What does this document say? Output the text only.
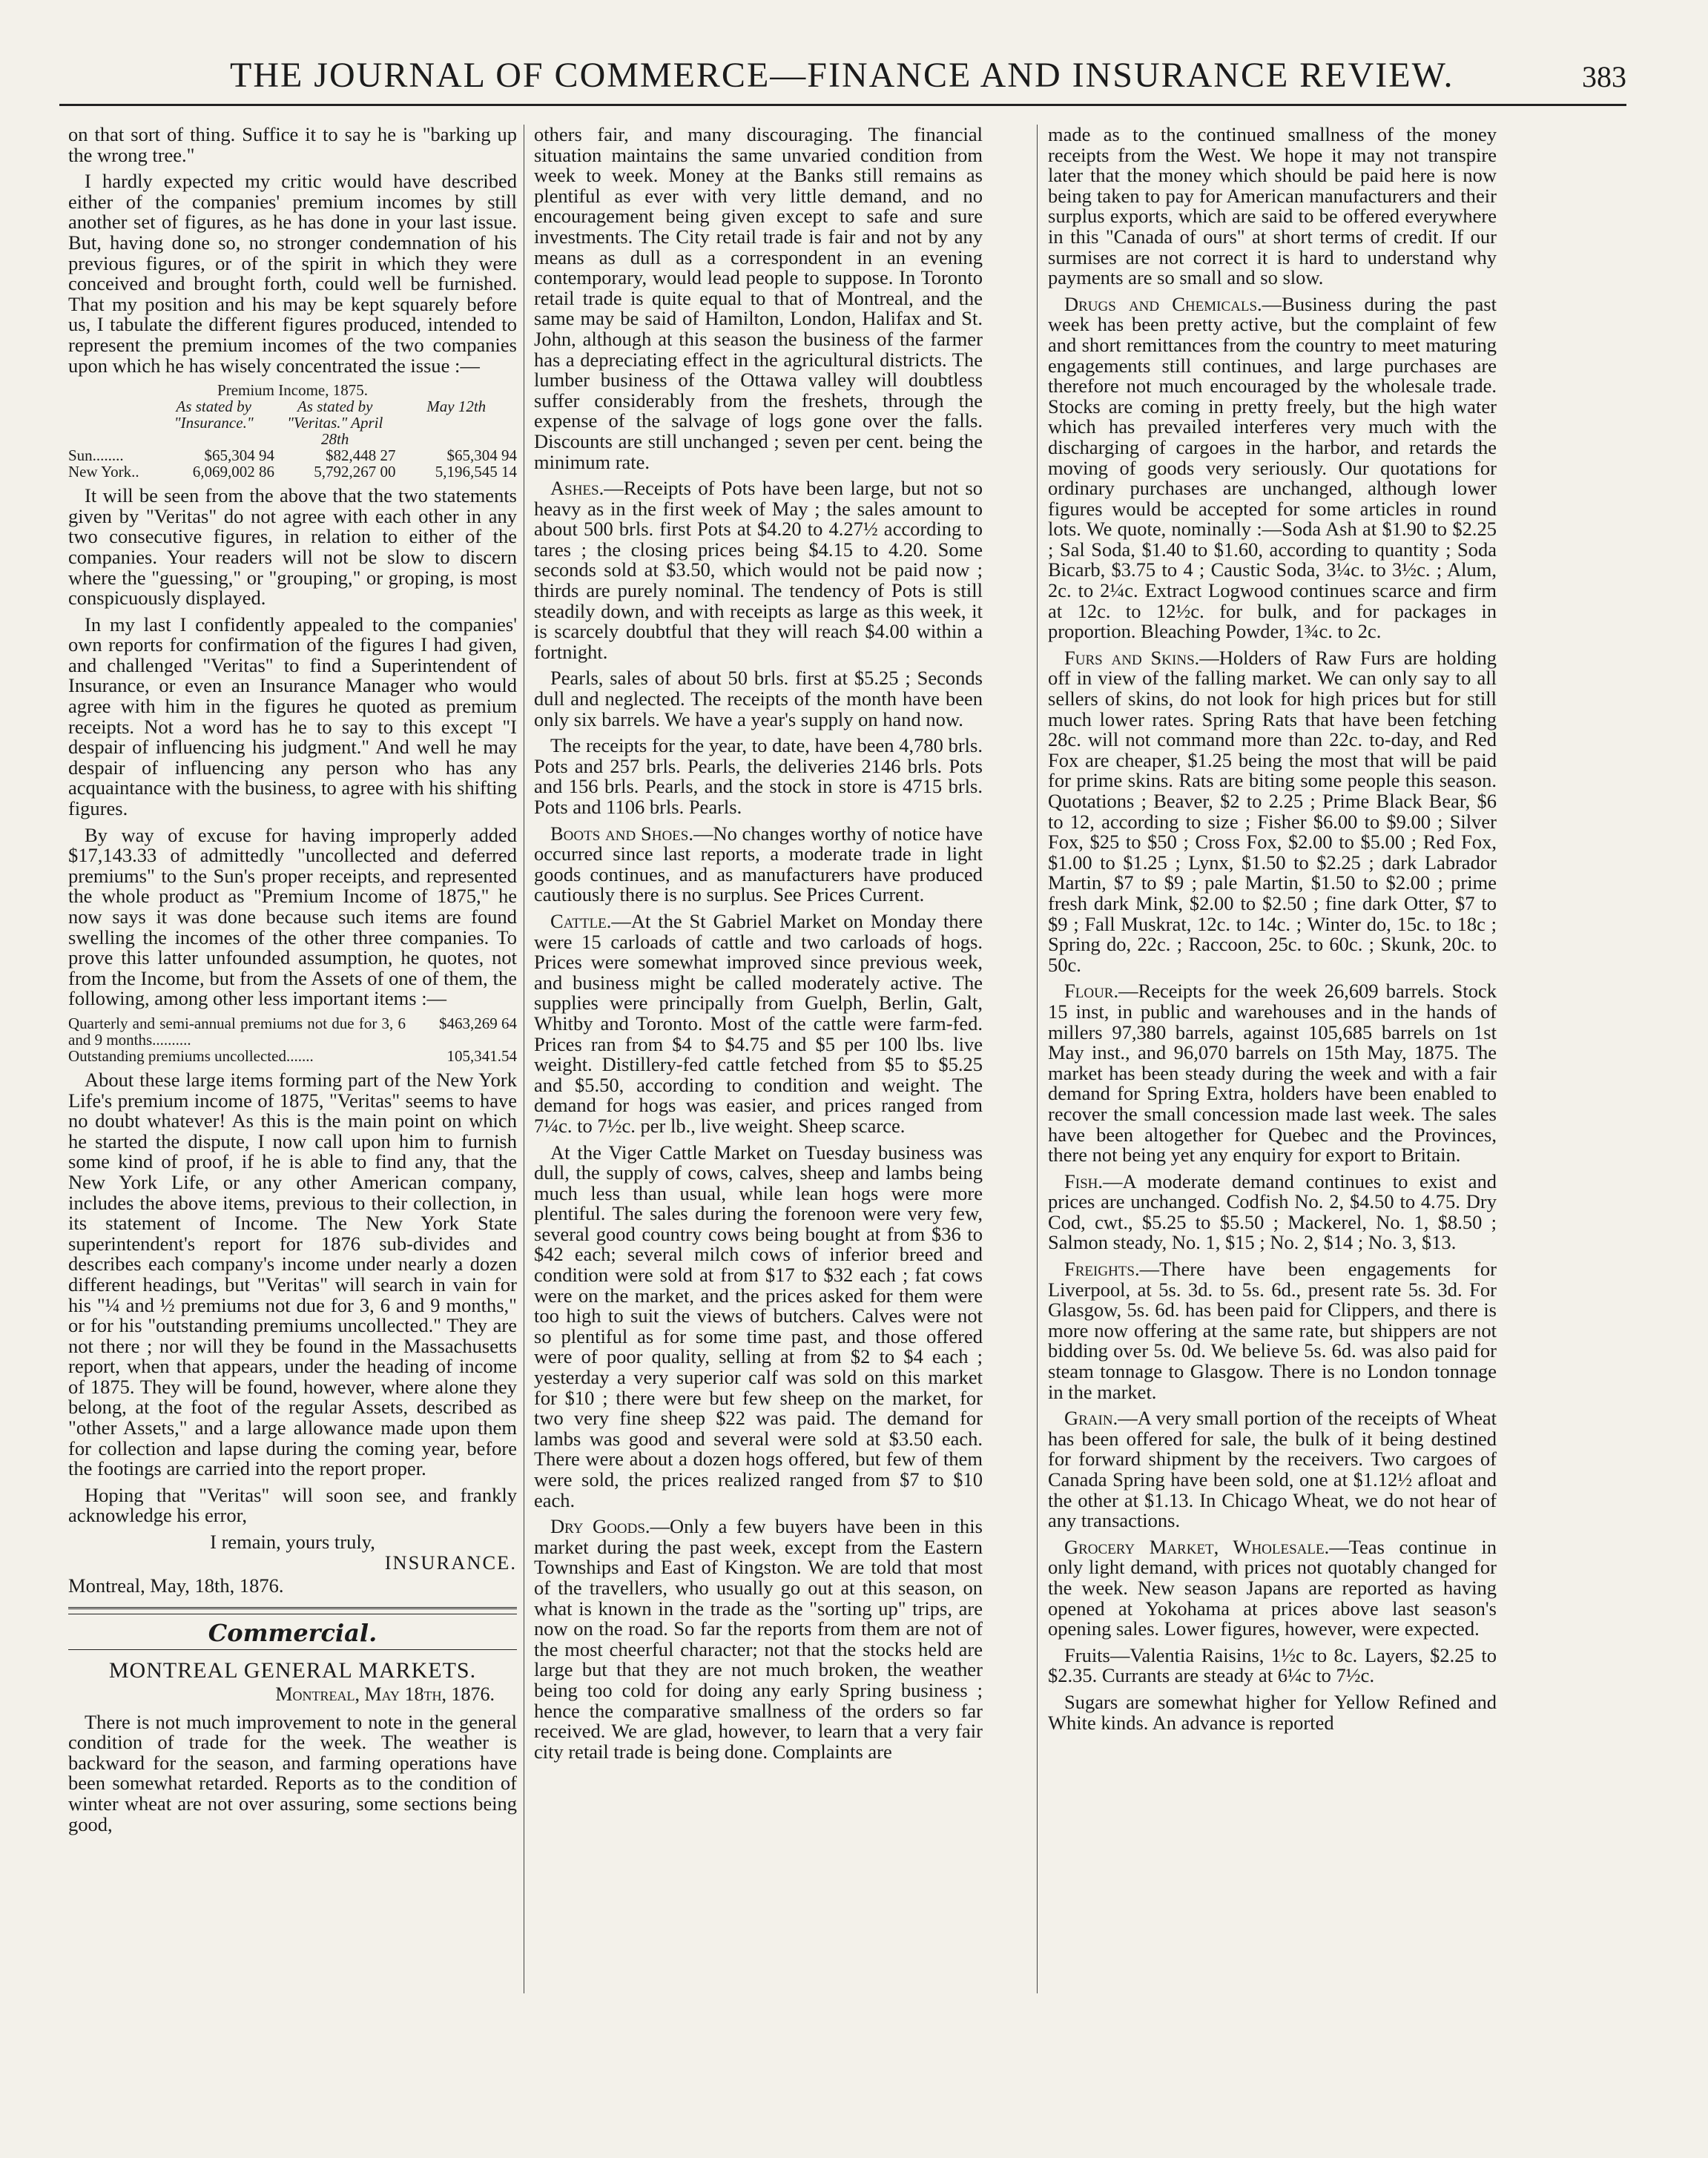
THE JOURNAL OF COMMERCE—FINANCE AND INSURANCE REVIEW.	383

on that sort of thing. Suffice it to say he is "barking up the wrong tree."

I hardly expected my critic would have described either of the companies' premium incomes by still another set of figures, as he has done in your last issue. But, having done so, no stronger condemnation of his previous figures, or of the spirit in which they were conceived and brought forth, could well be furnished. That my position and his may be kept squarely before us, I tabulate the different figures produced, intended to represent the premium incomes of the two companies upon which he has wisely concentrated the issue :—

Premium Income, 1875.
As stated by "Insurance."
As stated by "Veritas." April 28th
May 12th
Sun........	$65,304 94	$82,448 27	$65,304 94
New York..	6,069,002 86	5,792,267 00	5,196,545 14

It will be seen from the above that the two statements given by "Veritas" do not agree with each other in any two consecutive figures, in relation to either of the companies. Your readers will not be slow to discern where the "guessing," or "grouping," or groping, is most conspicuously displayed.

In my last I confidently appealed to the companies' own reports for confirmation of the figures I had given, and challenged "Veritas" to find a Superintendent of Insurance, or even an Insurance Manager who would agree with him in the figures he quoted as premium receipts. Not a word has he to say to this except "I despair of influencing his judgment." And well he may despair of influencing any person who has any acquaintance with the business, to agree with his shifting figures.

By way of excuse for having improperly added $17,143.33 of admittedly "uncollected and deferred premiums" to the Sun's proper receipts, and represented the whole product as "Premium Income of 1875," he now says it was done because such items are found swelling the incomes of the other three companies. To prove this latter unfounded assumption, he quotes, not from the Income, but from the Assets of one of them, the following, among other less important items :—

Quarterly and semi-annual premiums not due for 3, 6 and 9 months..........
$463,269 64
Outstanding premiums uncollected.......	105,341.54

About these large items forming part of the New York Life's premium income of 1875, "Veritas" seems to have no doubt whatever! As this is the main point on which he started the dispute, I now call upon him to furnish some kind of proof, if he is able to find any, that the New York Life, or any other American company, includes the above items, previous to their collection, in its statement of Income. The New York State superintendent's report for 1876 sub-divides and describes each company's income under nearly a dozen different headings, but "Veritas" will search in vain for his "¼ and ½ premiums not due for 3, 6 and 9 months," or for his "outstanding premiums uncollected." They are not there ; nor will they be found in the Massachusetts report, when that appears, under the heading of income of 1875. They will be found, however, where alone they belong, at the foot of the regular Assets, described as "other Assets," and a large allowance made upon them for collection and lapse during the coming year, before the footings are carried into the report proper.

Hoping that "Veritas" will soon see, and frankly acknowledge his error,

I remain, yours truly,
INSURANCE.
Montreal, May, 18th, 1876.
Commercial.
MONTREAL GENERAL MARKETS.
Montreal, May 18th, 1876.

There is not much improvement to note in the general condition of trade for the week. The weather is backward for the season, and farming operations have been somewhat retarded. Reports as to the condition of winter wheat are not over assuring, some sections being good,

others fair, and many discouraging. The financial situation maintains the same unvaried condition from week to week. Money at the Banks still remains as plentiful as ever with very little demand, and no encouragement being given except to safe and sure investments. The City retail trade is fair and not by any means as dull as a correspondent in an evening contemporary, would lead people to suppose. In Toronto retail trade is quite equal to that of Montreal, and the same may be said of Hamilton, London, Halifax and St. John, although at this season the business of the farmer has a depreciating effect in the agricultural districts. The lumber business of the Ottawa valley will doubtless suffer considerably from the freshets, through the expense of the salvage of logs gone over the falls. Discounts are still unchanged ; seven per cent. being the minimum rate.

Ashes.—Receipts of Pots have been large, but not so heavy as in the first week of May ; the sales amount to about 500 brls. first Pots at $4.20 to 4.27½ according to tares ; the closing prices being $4.15 to 4.20. Some seconds sold at $3.50, which would not be paid now ; thirds are purely nominal. The tendency of Pots is still steadily down, and with receipts as large as this week, it is scarcely doubtful that they will reach $4.00 within a fortnight.

Pearls, sales of about 50 brls. first at $5.25 ; Seconds dull and neglected. The receipts of the month have been only six barrels. We have a year's supply on hand now.

The receipts for the year, to date, have been 4,780 brls. Pots and 257 brls. Pearls, the deliveries 2146 brls. Pots and 156 brls. Pearls, and the stock in store is 4715 brls. Pots and 1106 brls. Pearls.

Boots and Shoes.—No changes worthy of notice have occurred since last reports, a moderate trade in light goods continues, and as manufacturers have produced cautiously there is no surplus. See Prices Current.

Cattle.—At the St Gabriel Market on Monday there were 15 carloads of cattle and two carloads of hogs. Prices were somewhat improved since previous week, and business might be called moderately active. The supplies were principally from Guelph, Berlin, Galt, Whitby and Toronto. Most of the cattle were farm-fed. Prices ran from $4 to $4.75 and $5 per 100 lbs. live weight. Distillery-fed cattle fetched from $5 to $5.25 and $5.50, according to condition and weight. The demand for hogs was easier, and prices ranged from 7¼c. to 7½c. per lb., live weight. Sheep scarce.

At the Viger Cattle Market on Tuesday business was dull, the supply of cows, calves, sheep and lambs being much less than usual, while lean hogs were more plentiful. The sales during the forenoon were very few, several good country cows being bought at from $36 to $42 each; several milch cows of inferior breed and condition were sold at from $17 to $32 each ; fat cows were on the market, and the prices asked for them were too high to suit the views of butchers. Calves were not so plentiful as for some time past, and those offered were of poor quality, selling at from $2 to $4 each ; yesterday a very superior calf was sold on this market for $10 ; there were but few sheep on the market, for two very fine sheep $22 was paid. The demand for lambs was good and several were sold at $3.50 each. There were about a dozen hogs offered, but few of them were sold, the prices realized ranged from $7 to $10 each.

Dry Goods.—Only a few buyers have been in this market during the past week, except from the Eastern Townships and East of Kingston. We are told that most of the travellers, who usually go out at this season, on what is known in the trade as the "sorting up" trips, are now on the road. So far the reports from them are not of the most cheerful character; not that the stocks held are large but that they are not much broken, the weather being too cold for doing any early Spring business ; hence the comparative smallness of the orders so far received. We are glad, however, to learn that a very fair city retail trade is being done. Complaints are

made as to the continued smallness of the money receipts from the West. We hope it may not transpire later that the money which should be paid here is now being taken to pay for American manufacturers and their surplus exports, which are said to be offered everywhere in this "Canada of ours" at short terms of credit. If our surmises are not correct it is hard to understand why payments are so small and so slow.

Drugs and Chemicals.—Business during the past week has been pretty active, but the complaint of few and short remittances from the country to meet maturing engagements still continues, and large purchases are therefore not much encouraged by the wholesale trade. Stocks are coming in pretty freely, but the high water which has prevailed interferes very much with the discharging of cargoes in the harbor, and retards the moving of goods very seriously. Our quotations for ordinary purchases are unchanged, although lower figures would be accepted for some articles in round lots. We quote, nominally :—Soda Ash at $1.90 to $2.25 ; Sal Soda, $1.40 to $1.60, according to quantity ; Soda Bicarb, $3.75 to 4 ; Caustic Soda, 3¼c. to 3½c. ; Alum, 2c. to 2¼c. Extract Logwood continues scarce and firm at 12c. to 12½c. for bulk, and for packages in proportion. Bleaching Powder, 1¾c. to 2c.

Furs and Skins.—Holders of Raw Furs are holding off in view of the falling market. We can only say to all sellers of skins, do not look for high prices but for still much lower rates. Spring Rats that have been fetching 28c. will not command more than 22c. to-day, and Red Fox are cheaper, $1.25 being the most that will be paid for prime skins. Rats are biting some people this season. Quotations ; Beaver, $2 to 2.25 ; Prime Black Bear, $6 to 12, according to size ; Fisher $6.00 to $9.00 ; Silver Fox, $25 to $50 ; Cross Fox, $2.00 to $5.00 ; Red Fox, $1.00 to $1.25 ; Lynx, $1.50 to $2.25 ; dark Labrador Martin, $7 to $9 ; pale Martin, $1.50 to $2.00 ; prime fresh dark Mink, $2.00 to $2.50 ; fine dark Otter, $7 to $9 ; Fall Muskrat, 12c. to 14c. ; Winter do, 15c. to 18c ; Spring do, 22c. ; Raccoon, 25c. to 60c. ; Skunk, 20c. to 50c.

Flour.—Receipts for the week 26,609 barrels. Stock 15 inst, in public and warehouses and in the hands of millers 97,380 barrels, against 105,685 barrels on 1st May inst., and 96,070 barrels on 15th May, 1875. The market has been steady during the week and with a fair demand for Spring Extra, holders have been enabled to recover the small concession made last week. The sales have been altogether for Quebec and the Provinces, there not being yet any enquiry for export to Britain.

Fish.—A moderate demand continues to exist and prices are unchanged. Codfish No. 2, $4.50 to 4.75. Dry Cod, cwt., $5.25 to $5.50 ; Mackerel, No. 1, $8.50 ; Salmon steady, No. 1, $15 ; No. 2, $14 ; No. 3, $13.

Freights.—There have been engagements for Liverpool, at 5s. 3d. to 5s. 6d., present rate 5s. 3d. For Glasgow, 5s. 6d. has been paid for Clippers, and there is more now offering at the same rate, but shippers are not bidding over 5s. 0d. We believe 5s. 6d. was also paid for steam tonnage to Glasgow. There is no London tonnage in the market.

Grain.—A very small portion of the receipts of Wheat has been offered for sale, the bulk of it being destined for forward shipment by the receivers. Two cargoes of Canada Spring have been sold, one at $1.12½ afloat and the other at $1.13. In Chicago Wheat, we do not hear of any transactions.

Grocery Market, Wholesale.—Teas continue in only light demand, with prices not quotably changed for the week. New season Japans are reported as having opened at Yokohama at prices above last season's opening sales. Lower figures, however, were expected.

Fruits—Valentia Raisins, 1½c to 8c. Layers, $2.25 to $2.35. Currants are steady at 6¼c to 7½c.

Sugars are somewhat higher for Yellow Refined and White kinds. An advance is reported
